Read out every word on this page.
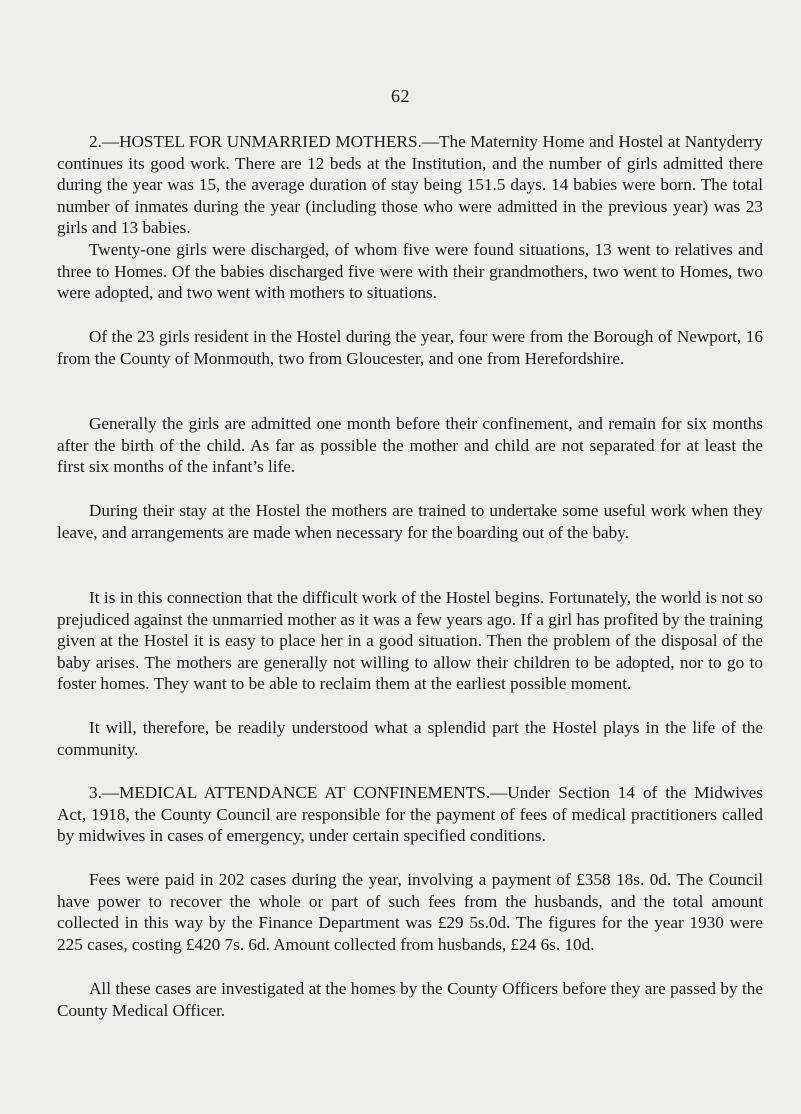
62

2.—HOSTEL FOR UNMARRIED MOTHERS.—The Maternity Home and Hostel at Nantyderry continues its good work. There are 12 beds at the Institution, and the number of girls admitted there during the year was 15, the average duration of stay being 151.5 days. 14 babies were born. The total number of inmates during the year (including those who were admitted in the previous year) was 23 girls and 13 babies.

Twenty-one girls were discharged, of whom five were found situations, 13 went to relatives and three to Homes. Of the babies discharged five were with their grandmothers, two went to Homes, two were adopted, and two went with mothers to situations.

Of the 23 girls resident in the Hostel during the year, four were from the Borough of Newport, 16 from the County of Monmouth, two from Gloucester, and one from Herefordshire.

Generally the girls are admitted one month before their confinement, and remain for six months after the birth of the child. As far as possible the mother and child are not separated for at least the first six months of the infant’s life.

During their stay at the Hostel the mothers are trained to undertake some useful work when they leave, and arrangements are made when necessary for the boarding out of the baby.

It is in this connection that the difficult work of the Hostel begins. Fortunately, the world is not so prejudiced against the unmarried mother as it was a few years ago. If a girl has profited by the training given at the Hostel it is easy to place her in a good situation. Then the problem of the disposal of the baby arises. The mothers are generally not willing to allow their children to be adopted, nor to go to foster homes. They want to be able to reclaim them at the earliest possible moment.

It will, therefore, be readily understood what a splendid part the Hostel plays in the life of the community.

3.—MEDICAL ATTENDANCE AT CONFINEMENTS.—Under Section 14 of the Midwives Act, 1918, the County Council are responsible for the payment of fees of medical practitioners called by midwives in cases of emergency, under certain specified conditions.

Fees were paid in 202 cases during the year, involving a payment of £358 18s. 0d. The Council have power to recover the whole or part of such fees from the husbands, and the total amount collected in this way by the Finance Department was £29 5s.0d. The figures for the year 1930 were 225 cases, costing £420 7s. 6d. Amount collected from husbands, £24 6s. 10d.

All these cases are investigated at the homes by the County Officers before they are passed by the County Medical Officer.
